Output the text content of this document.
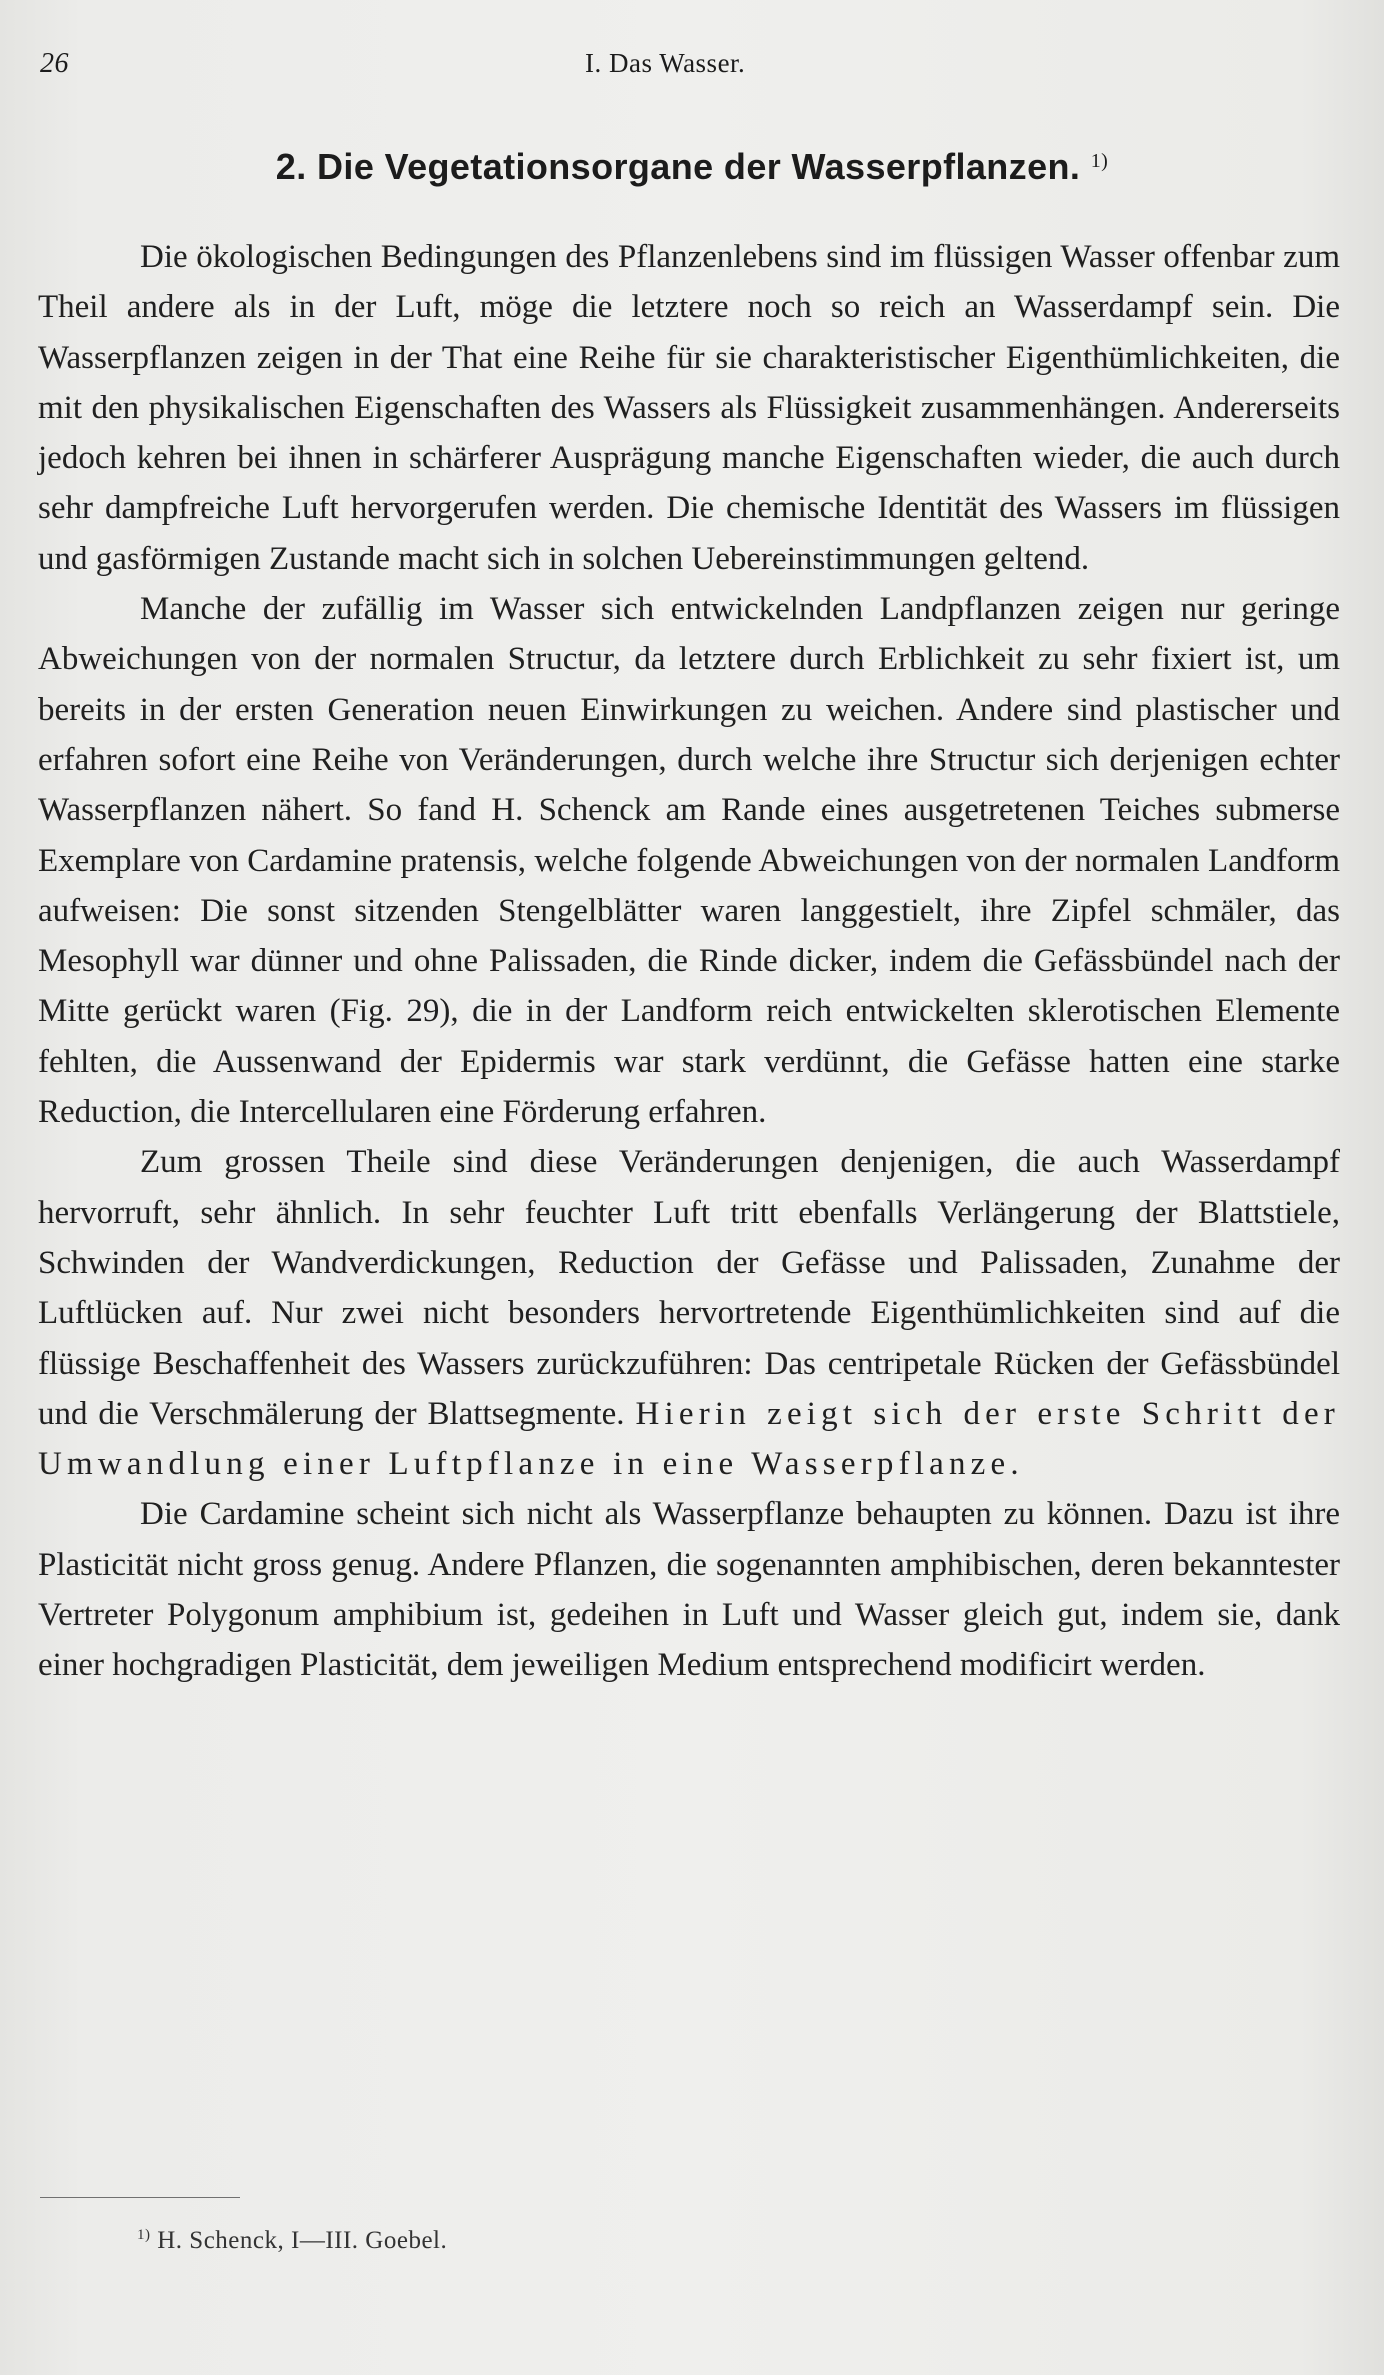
26	I. Das Wasser.
2. Die Vegetationsorgane der Wasserpflanzen. $^{1)}$

Die ökologischen Bedingungen des Pflanzenlebens sind im flüssigen Wasser offenbar zum Theil andere als in der Luft, möge die letztere noch so reich an Wasserdampf sein. Die Wasserpflanzen zeigen in der That eine Reihe für sie charakteristischer Eigenthümlichkeiten, die mit den physikalischen Eigenschaften des Wassers als Flüssigkeit zusammenhängen. Andererseits jedoch kehren bei ihnen in schärferer Ausprägung manche Eigenschaften wieder, die auch durch sehr dampfreiche Luft hervorgerufen werden. Die chemische Identität des Wassers im flüssigen und gasförmigen Zustande macht sich in solchen Uebereinstimmungen geltend.

Manche der zufällig im Wasser sich entwickelnden Landpflanzen zeigen nur geringe Abweichungen von der normalen Structur, da letztere durch Erblichkeit zu sehr fixiert ist, um bereits in der ersten Generation neuen Einwirkungen zu weichen. Andere sind plastischer und erfahren sofort eine Reihe von Veränderungen, durch welche ihre Structur sich derjenigen echter Wasserpflanzen nähert. So fand H. Schenck am Rande eines ausgetretenen Teiches submerse Exemplare von Cardamine pratensis, welche folgende Abweichungen von der normalen Landform aufweisen: Die sonst sitzenden Stengelblätter waren langgestielt, ihre Zipfel schmäler, das Mesophyll war dünner und ohne Palissaden, die Rinde dicker, indem die Gefässbündel nach der Mitte gerückt waren (Fig. 29), die in der Landform reich entwickelten sklerotischen Elemente fehlten, die Aussenwand der Epidermis war stark verdünnt, die Gefässe hatten eine starke Reduction, die Intercellularen eine Förderung erfahren.

Zum grossen Theile sind diese Veränderungen denjenigen, die auch Wasserdampf hervorruft, sehr ähnlich. In sehr feuchter Luft tritt ebenfalls Verlängerung der Blattstiele, Schwinden der Wandverdickungen, Reduction der Gefässe und Palissaden, Zunahme der Luftlücken auf. Nur zwei nicht besonders hervortretende Eigenthümlichkeiten sind auf die flüssige Beschaffenheit des Wassers zurückzuführen: Das centripetale Rücken der Gefässbündel und die Verschmälerung der Blattsegmente. Hierin zeigt sich der erste Schritt der Umwandlung einer Luftpflanze in eine Wasserpflanze.

Die Cardamine scheint sich nicht als Wasserpflanze behaupten zu können. Dazu ist ihre Plasticität nicht gross genug. Andere Pflanzen, die sogenannten amphibischen, deren bekanntester Vertreter Polygonum amphibium ist, gedeihen in Luft und Wasser gleich gut, indem sie, dank einer hochgradigen Plasticität, dem jeweiligen Medium entsprechend modificirt werden.

$^{1)}$ H. Schenck, I—III. Goebel.
